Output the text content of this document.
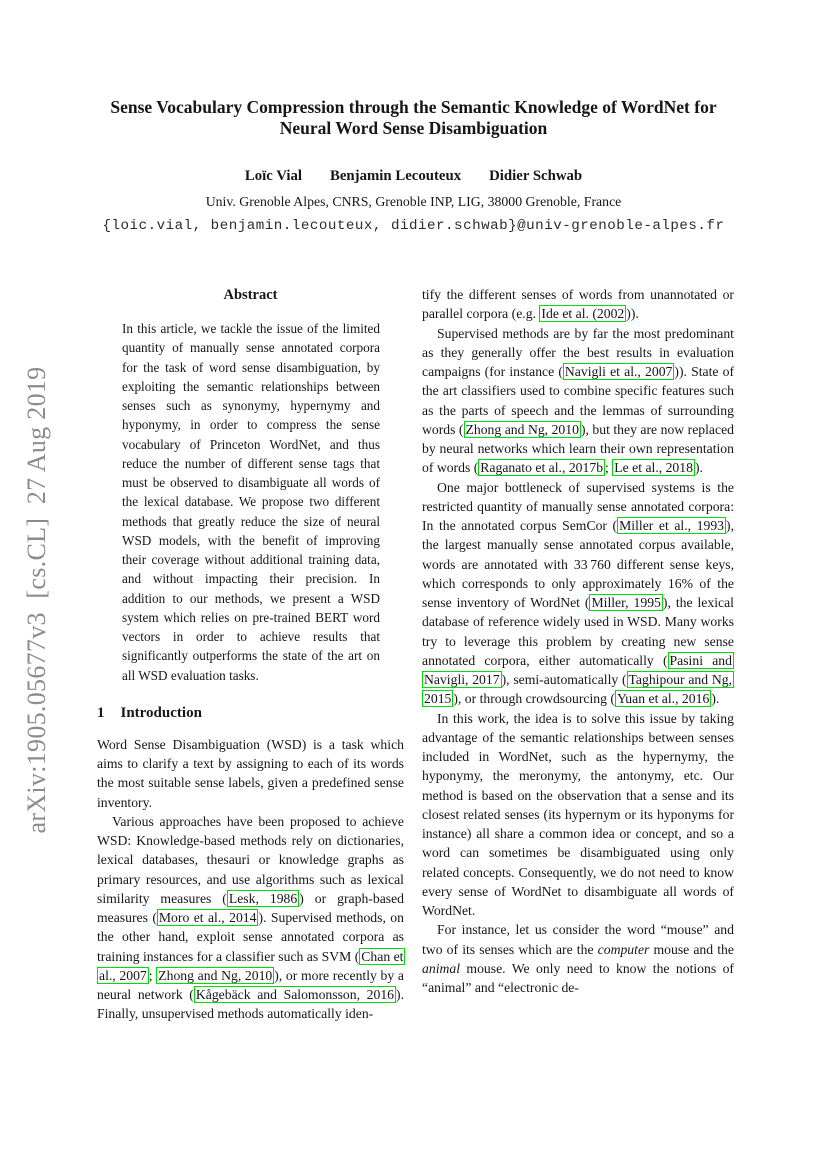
arXiv:1905.05677v3  [cs.CL]  27 Aug 2019
Sense Vocabulary Compression through the Semantic Knowledge of WordNet for Neural Word Sense Disambiguation
Loïc Vial Benjamin Lecouteux Didier Schwab
Univ. Grenoble Alpes, CNRS, Grenoble INP, LIG, 38000 Grenoble, France
{loic.vial, benjamin.lecouteux, didier.schwab}@univ-grenoble-alpes.fr
Abstract

In this article, we tackle the issue of the limited quantity of manually sense annotated corpora for the task of word sense disambiguation, by exploiting the semantic relationships between senses such as synonymy, hypernymy and hyponymy, in order to compress the sense vocabulary of Princeton WordNet, and thus reduce the number of different sense tags that must be observed to disambiguate all words of the lexical database. We propose two different methods that greatly reduce the size of neural WSD models, with the benefit of improving their coverage without additional training data, and without impacting their precision. In addition to our methods, we present a WSD system which relies on pre-trained BERT word vectors in order to achieve results that significantly outperforms the state of the art on all WSD evaluation tasks.

1 Introduction

Word Sense Disambiguation (WSD) is a task which aims to clarify a text by assigning to each of its words the most suitable sense labels, given a predefined sense inventory.

Various approaches have been proposed to achieve WSD: Knowledge-based methods rely on dictionaries, lexical databases, thesauri or knowledge graphs as primary resources, and use algorithms such as lexical similarity measures ( Lesk, 1986 ) or graph-based measures ( Moro et al., 2014 ). Supervised methods, on the other hand, exploit sense annotated corpora as training instances for a classifier such as SVM ( Chan et al., 2007 ; Zhong and Ng, 2010 ), or more recently by a neural network ( Kågebäck and Salomonsson, 2016 ). Finally, unsupervised methods automatically iden-

tify the different senses of words from unannotated or parallel corpora (e.g. Ide et al. (2002 )).

Supervised methods are by far the most predominant as they generally offer the best results in evaluation campaigns (for instance ( Navigli et al., 2007 )). State of the art classifiers used to combine specific features such as the parts of speech and the lemmas of surrounding words ( Zhong and Ng, 2010 ), but they are now replaced by neural networks which learn their own representation of words ( Raganato et al., 2017b ; Le et al., 2018 ).

One major bottleneck of supervised systems is the restricted quantity of manually sense annotated corpora: In the annotated corpus SemCor ( Miller et al., 1993 ), the largest manually sense annotated corpus available, words are annotated with 33 760 different sense keys, which corresponds to only approximately 16% of the sense inventory of WordNet ( Miller, 1995 ), the lexical database of reference widely used in WSD. Many works try to leverage this problem by creating new sense annotated corpora, either automatically ( Pasini and Navigli, 2017 ), semi-automatically ( Taghipour and Ng, 2015 ), or through crowdsourcing ( Yuan et al., 2016 ).

In this work, the idea is to solve this issue by taking advantage of the semantic relationships between senses included in WordNet, such as the hypernymy, the hyponymy, the meronymy, the antonymy, etc. Our method is based on the observation that a sense and its closest related senses (its hypernym or its hyponyms for instance) all share a common idea or concept, and so a word can sometimes be disambiguated using only related concepts. Consequently, we do not need to know every sense of WordNet to disambiguate all words of WordNet.

For instance, let us consider the word “mouse” and two of its senses which are the computer mouse and the animal mouse. We only need to know the notions of “animal” and “electronic de-
